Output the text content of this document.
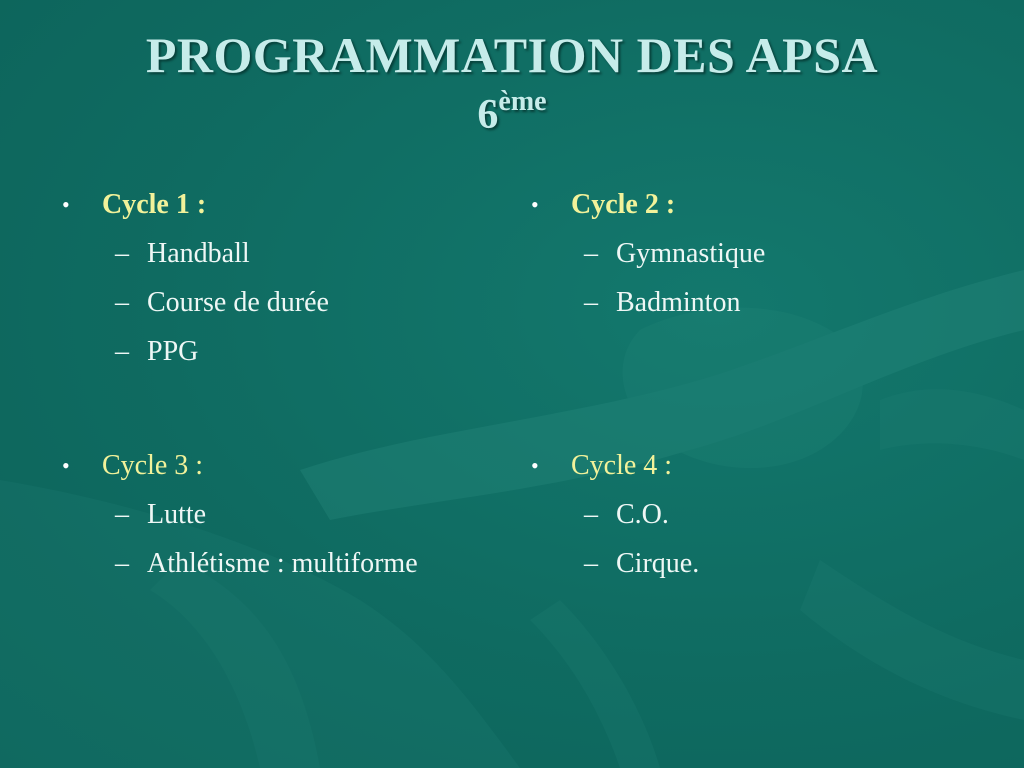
PROGRAMMATION DES APSA
6ème
• Cycle 1 :
– Handball
– Course de durée
– PPG
• Cycle 2 :
– Gymnastique
– Badminton
• Cycle 3 :
– Lutte
– Athlétisme : multiforme
• Cycle 4 :
– C.O.
– Cirque.
